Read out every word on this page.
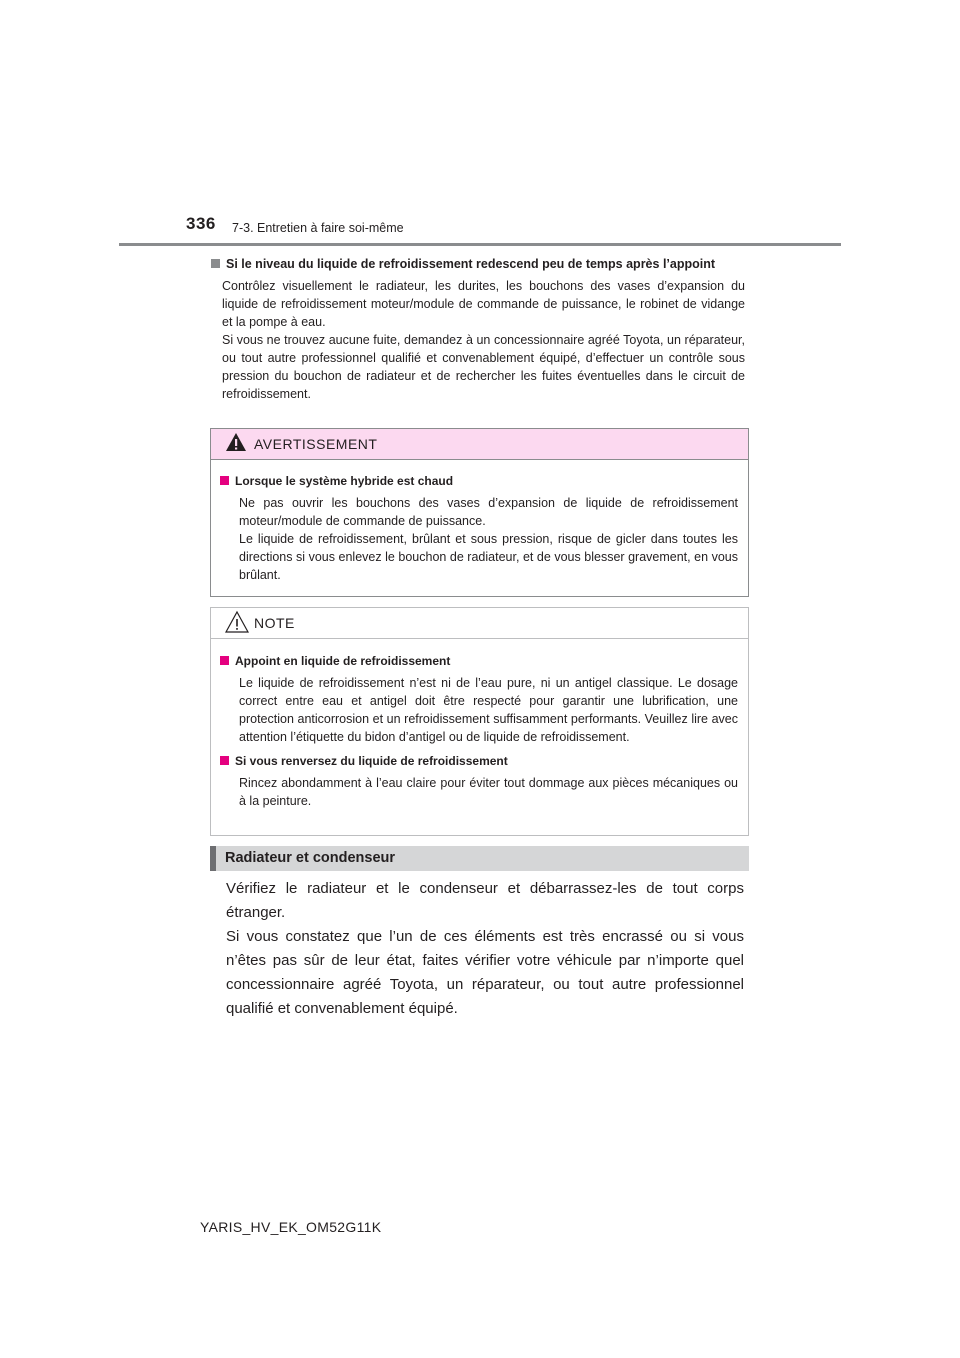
336 7-3. Entretien à faire soi-même
Si le niveau du liquide de refroidissement redescend peu de temps après l’appoint

Contrôlez visuellement le radiateur, les durites, les bouchons des vases d’expansion du liquide de refroidissement moteur/module de commande de puissance, le robinet de vidange et la pompe à eau.

Si vous ne trouvez aucune fuite, demandez à un concessionnaire agréé Toyota, un réparateur, ou tout autre professionnel qualifié et convenablement équipé, d’effectuer un contrôle sous pression du bouchon de radiateur et de rechercher les fuites éventuelles dans le circuit de refroidissement.

AVERTISSEMENT
Lorsque le système hybride est chaud

Ne pas ouvrir les bouchons des vases d’expansion de liquide de refroidissement moteur/module de commande de puissance.

Le liquide de refroidissement, brûlant et sous pression, risque de gicler dans toutes les directions si vous enlevez le bouchon de radiateur, et de vous blesser gravement, en vous brûlant.

NOTE
Appoint en liquide de refroidissement

Le liquide de refroidissement n’est ni de l’eau pure, ni un antigel classique. Le dosage correct entre eau et antigel doit être respecté pour garantir une lubrification, une protection anticorrosion et un refroidissement suffisamment performants. Veuillez lire avec attention l’étiquette du bidon d’antigel ou de liquide de refroidissement.

Si vous renversez du liquide de refroidissement

Rincez abondamment à l’eau claire pour éviter tout dommage aux pièces mécaniques ou à la peinture.

Radiateur et condenseur

Vérifiez le radiateur et le condenseur et débarrassez-les de tout corps étranger.

Si vous constatez que l’un de ces éléments est très encrassé ou si vous n’êtes pas sûr de leur état, faites vérifier votre véhicule par n’importe quel concessionnaire agréé Toyota, un réparateur, ou tout autre professionnel qualifié et convenablement équipé.

YARIS_HV_EK_OM52G11K
